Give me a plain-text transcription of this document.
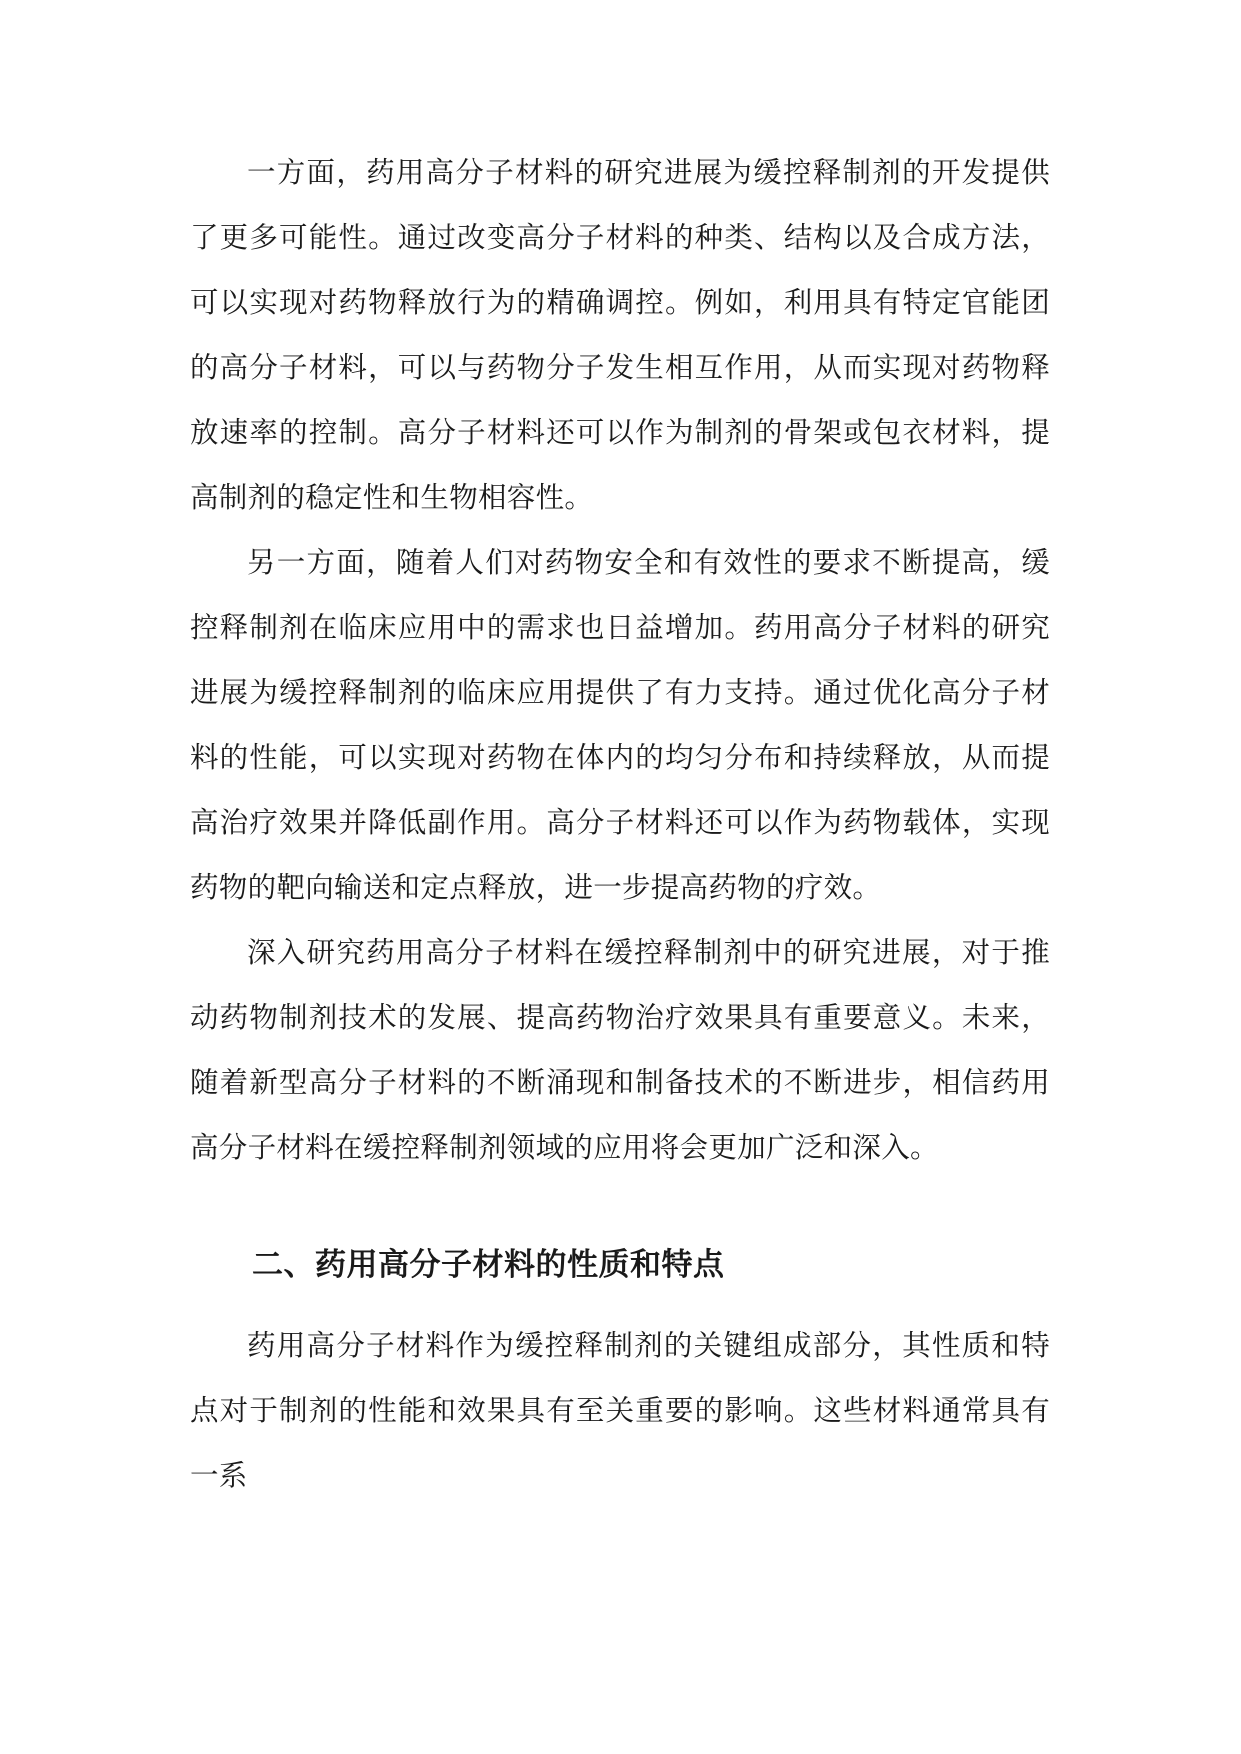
一方面，药用高分子材料的研究进展为缓控释制剂的开发提供了更多可能性。通过改变高分子材料的种类、结构以及合成方法，可以实现对药物释放行为的精确调控。例如，利用具有特定官能团的高分子材料，可以与药物分子发生相互作用，从而实现对药物释放速率的控制。高分子材料还可以作为制剂的骨架或包衣材料，提高制剂的稳定性和生物相容性。

另一方面，随着人们对药物安全和有效性的要求不断提高，缓控释制剂在临床应用中的需求也日益增加。药用高分子材料的研究进展为缓控释制剂的临床应用提供了有力支持。通过优化高分子材料的性能，可以实现对药物在体内的均匀分布和持续释放，从而提高治疗效果并降低副作用。高分子材料还可以作为药物载体，实现药物的靶向输送和定点释放，进一步提高药物的疗效。

深入研究药用高分子材料在缓控释制剂中的研究进展，对于推动药物制剂技术的发展、提高药物治疗效果具有重要意义。未来，随着新型高分子材料的不断涌现和制备技术的不断进步，相信药用高分子材料在缓控释制剂领域的应用将会更加广泛和深入。

二、药用高分子材料的性质和特点

药用高分子材料作为缓控释制剂的关键组成部分，其性质和特点对于制剂的性能和效果具有至关重要的影响。这些材料通常具有一系
